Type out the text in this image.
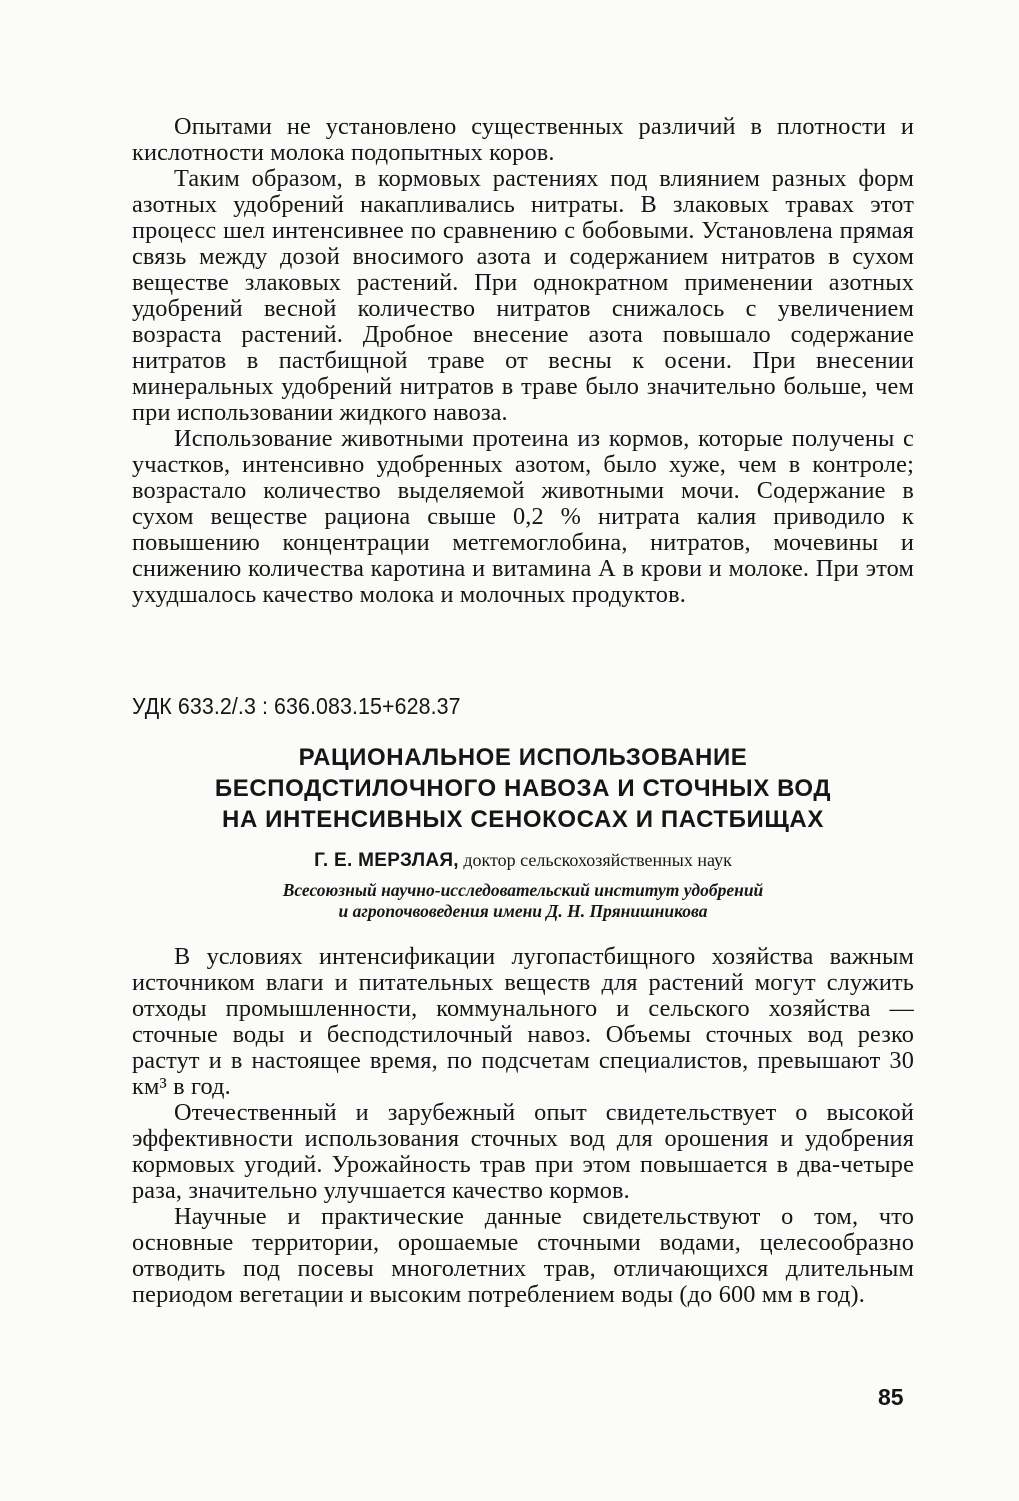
Опытами не установлено существенных различий в плотности и кислотности молока подопытных коров.

Таким образом, в кормовых растениях под влиянием разных форм азотных удобрений накапливались нитраты. В злаковых травах этот процесс шел интенсивнее по сравнению с бобовыми. Установлена прямая связь между дозой вносимого азота и содержанием нитратов в сухом веществе злаковых растений. При однократном применении азотных удобрений весной количество нитратов снижалось с увеличением возраста растений. Дробное внесение азота повышало содержание нитратов в пастбищной траве от весны к осени. При внесении минеральных удобрений нитратов в траве было значительно больше, чем при использовании жидкого навоза.

Использование животными протеина из кормов, которые получены с участков, интенсивно удобренных азотом, было хуже, чем в контроле; возрастало количество выделяемой животными мочи. Содержание в сухом веществе рациона свыше 0,2 % нитрата калия приводило к повышению концентрации метгемоглобина, нитратов, мочевины и снижению количества каротина и витамина А в крови и молоке. При этом ухудшалось качество молока и молочных продуктов.

УДК 633.2/.3 : 636.083.15+628.37
РАЦИОНАЛЬНОЕ ИСПОЛЬЗОВАНИЕ
БЕСПОДСТИЛОЧНОГО НАВОЗА И СТОЧНЫХ ВОД
НА ИНТЕНСИВНЫХ СЕНОКОСАХ И ПАСТБИЩАХ
Г. Е. МЕРЗЛАЯ, доктор сельскохозяйственных наук
Всесоюзный научно-исследовательский институт удобрений
и агропочвоведения имени Д. Н. Прянишникова

В условиях интенсификации лугопастбищного хозяйства важным источником влаги и питательных веществ для растений могут служить отходы промышленности, коммунального и сельского хозяйства — сточные воды и бесподстилочный навоз. Объемы сточных вод резко растут и в настоящее время, по подсчетам специалистов, превышают 30 км³ в год.

Отечественный и зарубежный опыт свидетельствует о высокой эффективности использования сточных вод для орошения и удобрения кормовых угодий. Урожайность трав при этом повышается в два-четыре раза, значительно улучшается качество кормов.

Научные и практические данные свидетельствуют о том, что основные территории, орошаемые сточными водами, целесообразно отводить под посевы многолетних трав, отличающихся длительным периодом вегетации и высоким потреблением воды (до 600 мм в год).

85
